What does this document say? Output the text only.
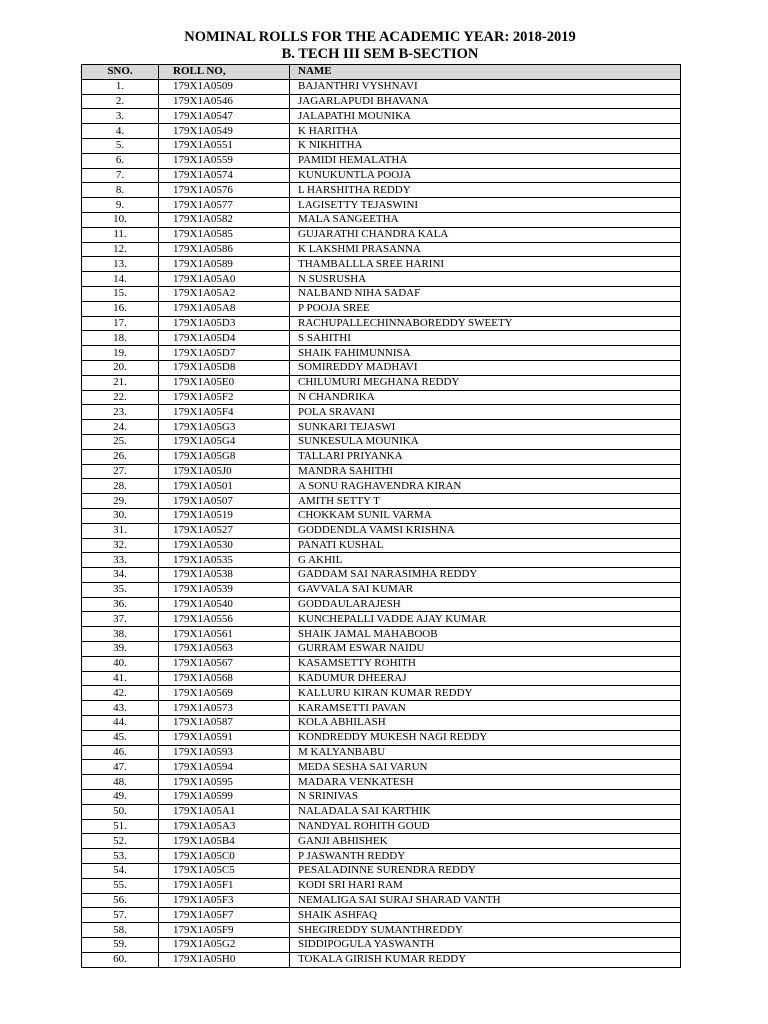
NOMINAL ROLLS FOR THE ACADEMIC YEAR: 2018-2019
B. TECH III SEM B-SECTION
SNO.	ROLL NO,	NAME
1.	179X1A0509	BAJANTHRI VYSHNAVI
2.	179X1A0546	JAGARLAPUDI BHAVANA
3.	179X1A0547	JALAPATHI MOUNIKA
4.	179X1A0549	K HARITHA
5.	179X1A0551	K NIKHITHA
6.	179X1A0559	PAMIDI HEMALATHA
7.	179X1A0574	KUNUKUNTLA POOJA
8.	179X1A0576	L HARSHITHA REDDY
9.	179X1A0577	LAGISETTY TEJASWINI
10.	179X1A0582	MALA SANGEETHA
11.	179X1A0585	GUJARATHI CHANDRA KALA
12.	179X1A0586	K LAKSHMI PRASANNA
13.	179X1A0589	THAMBALLLA SREE HARINI
14.	179X1A05A0	N SUSRUSHA
15.	179X1A05A2	NALBAND NIHA SADAF
16.	179X1A05A8	P POOJA SREE
17.	179X1A05D3	RACHUPALLECHINNABOREDDY SWEETY
18.	179X1A05D4	S SAHITHI
19.	179X1A05D7	SHAIK FAHIMUNNISA
20.	179X1A05D8	SOMIREDDY MADHAVI
21.	179X1A05E0	CHILUMURI MEGHANA REDDY
22.	179X1A05F2	N CHANDRIKA
23.	179X1A05F4	POLA SRAVANI
24.	179X1A05G3	SUNKARI TEJASWI
25.	179X1A05G4	SUNKESULA MOUNIKA
26.	179X1A05G8	TALLARI PRIYANKA
27.	179X1A05J0	MANDRA SAHITHI
28.	179X1A0501	A SONU RAGHAVENDRA KIRAN
29.	179X1A0507	AMITH SETTY T
30.	179X1A0519	CHOKKAM SUNIL VARMA
31.	179X1A0527	GODDENDLA VAMSI KRISHNA
32.	179X1A0530	PANATI KUSHAL
33.	179X1A0535	G AKHIL
34.	179X1A0538	GADDAM SAI NARASIMHA REDDY
35.	179X1A0539	GAVVALA SAI KUMAR
36.	179X1A0540	GODDAULARAJESH
37.	179X1A0556	KUNCHEPALLI VADDE AJAY KUMAR
38.	179X1A0561	SHAIK JAMAL MAHABOOB
39.	179X1A0563	GURRAM ESWAR NAIDU
40.	179X1A0567	KASAMSETTY ROHITH
41.	179X1A0568	KADUMUR DHEERAJ
42.	179X1A0569	KALLURU KIRAN KUMAR REDDY
43.	179X1A0573	KARAMSETTI PAVAN
44.	179X1A0587	KOLA ABHILASH
45.	179X1A0591	KONDREDDY MUKESH NAGI REDDY
46.	179X1A0593	M KALYANBABU
47.	179X1A0594	MEDA SESHA SAI VARUN
48.	179X1A0595	MADARA VENKATESH
49.	179X1A0599	N SRINIVAS
50.	179X1A05A1	NALADALA SAI KARTHIK
51.	179X1A05A3	NANDYAL ROHITH GOUD
52.	179X1A05B4	GANJI ABHISHEK
53.	179X1A05C0	P JASWANTH REDDY
54.	179X1A05C5	PESALADINNE SURENDRA REDDY
55.	179X1A05F1	KODI SRI HARI RAM
56.	179X1A05F3	NEMALIGA SAI SURAJ SHARAD VANTH
57.	179X1A05F7	SHAIK ASHFAQ
58.	179X1A05F9	SHEGIREDDY SUMANTHREDDY
59.	179X1A05G2	SIDDIPOGULA YASWANTH
60.	179X1A05H0	TOKALA GIRISH KUMAR REDDY
